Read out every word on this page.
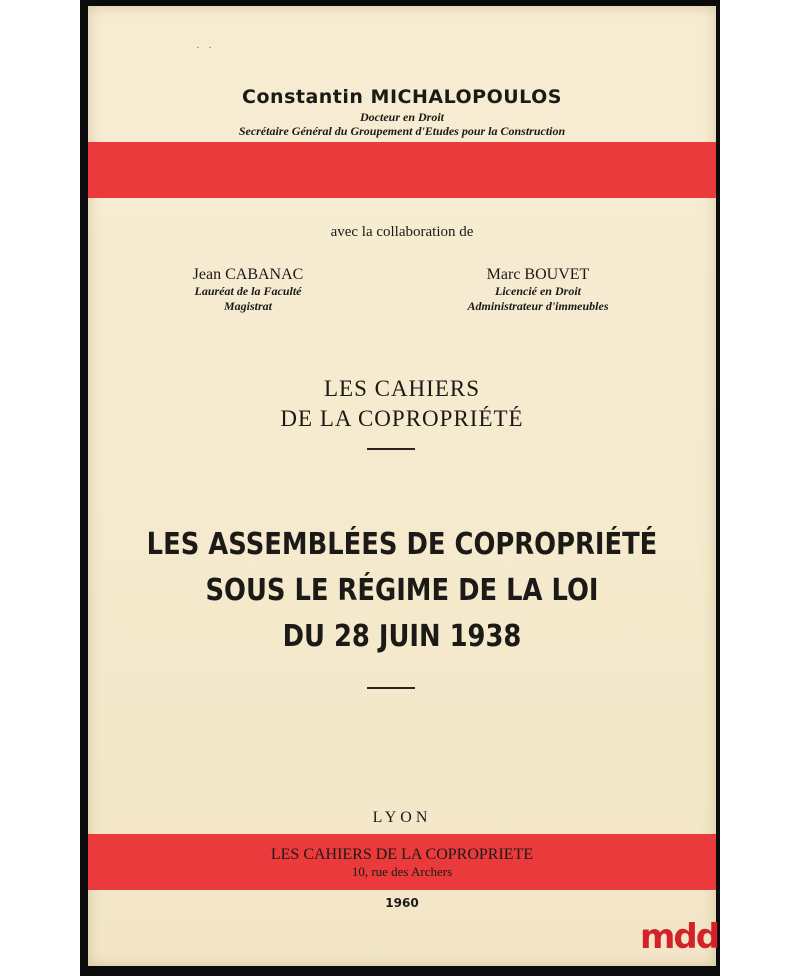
· ·
Constantin MICHALOPOULOS
Docteur en Droit
Secrétaire Général du Groupement d'Etudes pour la Construction
avec la collaboration de
Jean CABANAC
Lauréat de la Faculté
Magistrat
Marc BOUVET
Licencié en Droit
Administrateur d'immeubles
LES CAHIERS
DE LA COPROPRIÉTÉ
LES ASSEMBLÉES DE COPROPRIÉTÉ
SOUS LE RÉGIME DE LA LOI
DU 28 JUIN 1938
LYON
LES CAHIERS DE LA COPROPRIETE
10, rue des Archers
1960
mdd
